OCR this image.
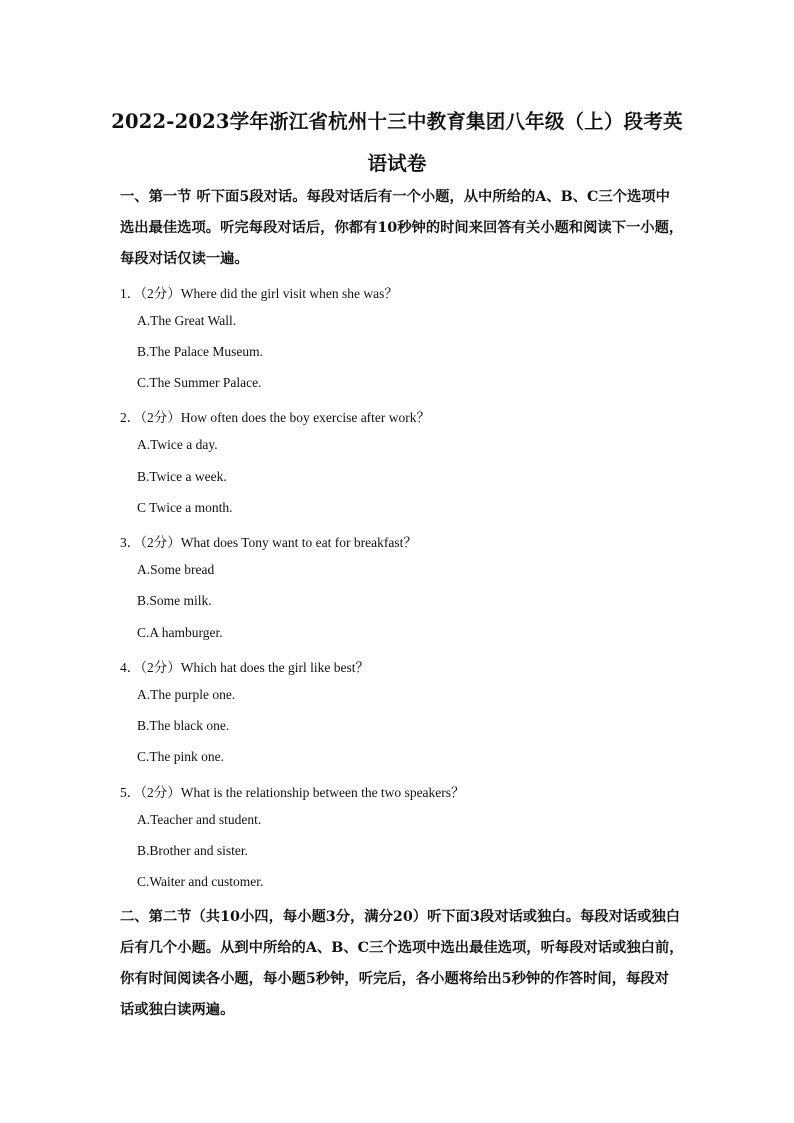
2022-2023学年浙江省杭州十三中教育集团八年级（上）段考英
语试卷
一、第一节 听下面5段对话。每段对话后有一个小题，从中所给的A、B、C三个选项中
选出最佳选项。听完每段对话后，你都有10秒钟的时间来回答有关小题和阅读下一小题，
每段对话仅读一遍。
1．（2分）Where did the girl visit when she was？
A.The Great Wall.
B.The Palace Museum.
C.The Summer Palace.
2．（2分）How often does the boy exercise after work？
A.Twice a day.
B.Twice a week.
C Twice a month.
3．（2分）What does Tony want to eat for breakfast？
A.Some bread
B.Some milk.
C.A hamburger.
4．（2分）Which hat does the girl like best？
A.The purple one.
B.The black one.
C.The pink one.
5．（2分）What is the relationship between the two speakers？
A.Teacher and student.
B.Brother and sister.
C.Waiter and customer.
二、第二节（共10小四，每小题3分，满分20）听下面3段对话或独白。每段对话或独白
后有几个小题。从到中所给的A、B、C三个选项中选出最佳选项，听每段对话或独白前，
你有时间阅读各小题，每小题5秒钟，听完后，各小题将给出5秒钟的作答时间，每段对
话或独白读两遍。
